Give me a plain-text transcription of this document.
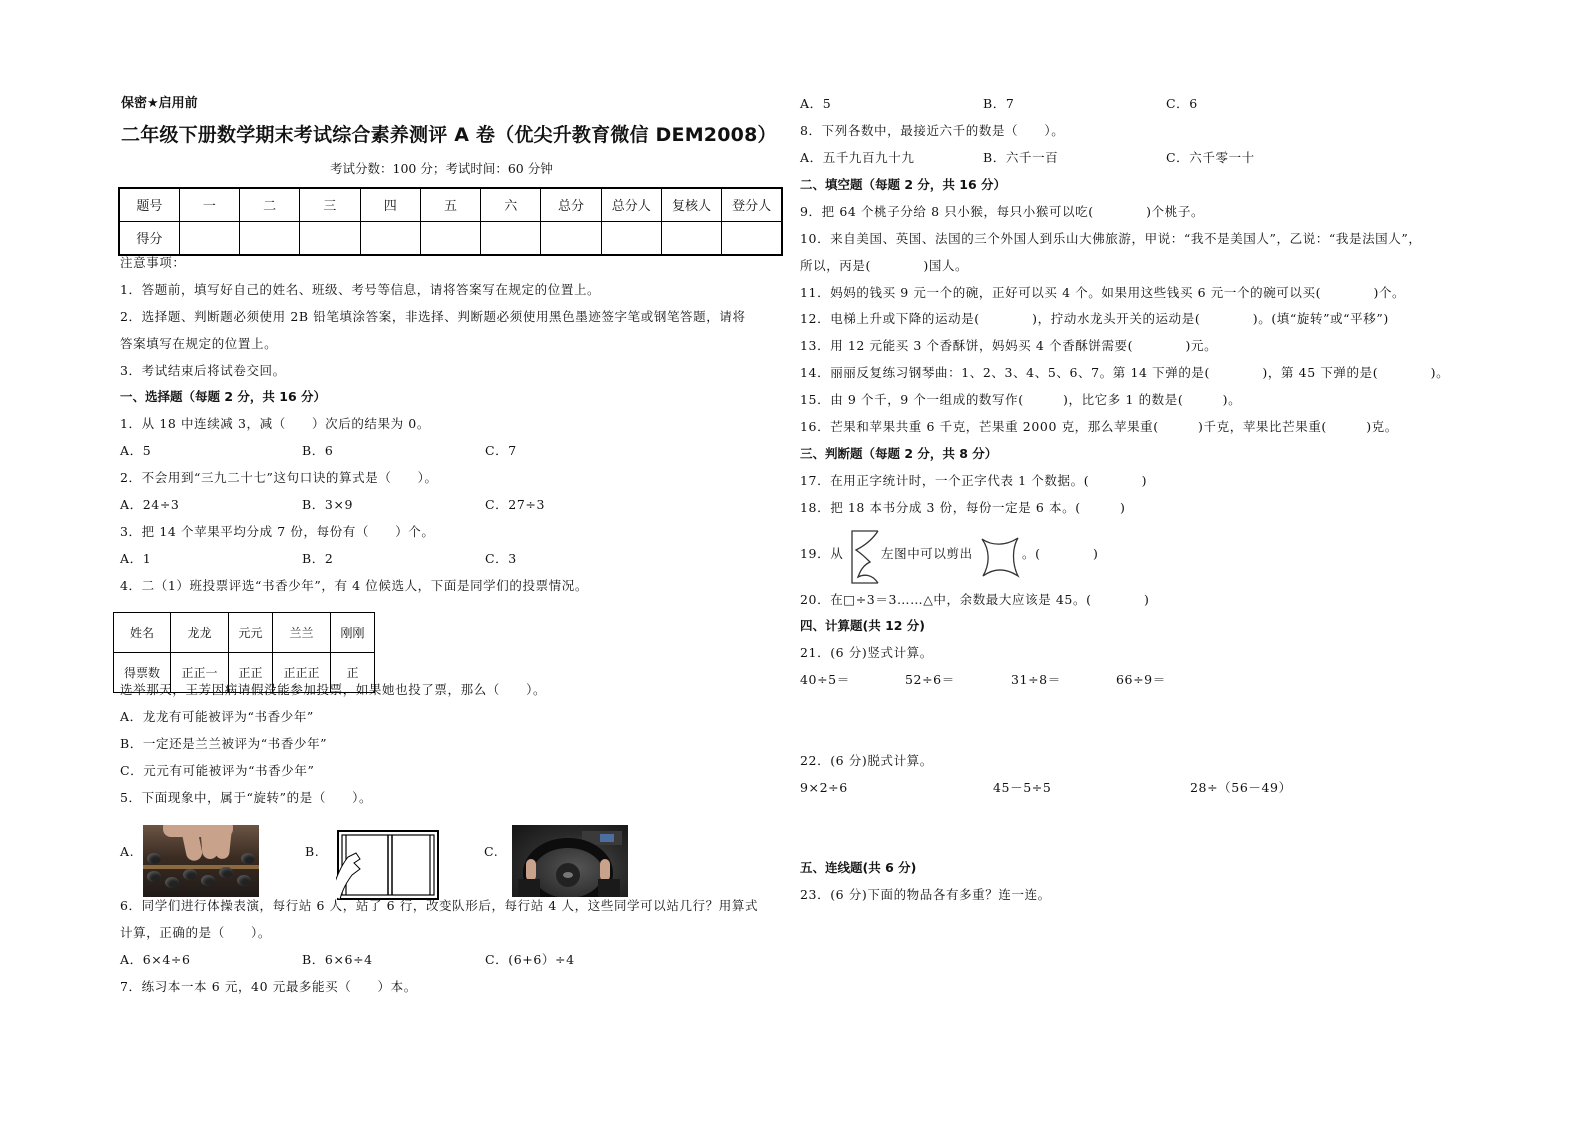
保密★启用前
二年级下册数学期末考试综合素养测评 A 卷（优尖升教育微信 DEM2008）
考试分数：100 分；考试时间：60 分钟
题号	一	二	三	四	五	六	总分	总分人	复核人	登分人
得分										
注意事项：
1．答题前，填写好自己的姓名、班级、考号等信息，请将答案写在规定的位置上。
2．选择题、判断题必须使用 2B 铅笔填涂答案，非选择、判断题必须使用黑色墨迹签字笔或钢笔答题，请将
答案填写在规定的位置上。
3．考试结束后将试卷交回。
一、选择题（每题 2 分，共 16 分）
1．从 18 中连续减 3，减（　　）次后的结果为 0。
A．5	B．6	C．7
2．不会用到“三九二十七”这句口诀的算式是（　　）。
A．24÷3	B．3×9	C．27÷3
3．把 14 个苹果平均分成 7 份，每份有（　　）个。
A．1	B．2	C．3
4．二（1）班投票评选“书香少年”，有 4 位候选人，下面是同学们的投票情况。
姓名	龙龙	元元	兰兰	刚刚
得票数	正正一	正正	正正正	正
选举那天，王芳因病请假没能参加投票，如果她也投了票，那么（　　）。
A．龙龙有可能被评为“书香少年”
B．一定还是兰兰被评为“书香少年”
C．元元有可能被评为“书香少年”
5．下面现象中，属于“旋转”的是（　　）。
A.	B.	C.
6．同学们进行体操表演，每行站 6 人，站了 6 行，改变队形后，每行站 4 人，这些同学可以站几行？用算式
计算，正确的是（　　）。
A．6×4÷6	B．6×6÷4	C．(6+6）÷4
7．练习本一本 6 元，40 元最多能买（　　）本。
A．5	B．7	C．6
8．下列各数中，最接近六千的数是（　　）。
A．五千九百九十九	B．六千一百	C．六千零一十
二、填空题（每题 2 分，共 16 分）
9．把 64 个桃子分给 8 只小猴，每只小猴可以吃(　　　　)个桃子。
10．来自美国、英国、法国的三个外国人到乐山大佛旅游，甲说：“我不是美国人”，乙说：“我是法国人”，
所以，丙是(　　　　)国人。
11．妈妈的钱买 9 元一个的碗，正好可以买 4 个。如果用这些钱买 6 元一个的碗可以买(　　　　)个。
12．电梯上升或下降的运动是(　　　　)，拧动水龙头开关的运动是(　　　　)。(填“旋转”或“平移”)
13．用 12 元能买 3 个香酥饼，妈妈买 4 个香酥饼需要(　　　　)元。
14．丽丽反复练习钢琴曲：1、2、3、4、5、6、7。第 14 下弹的是(　　　　)，第 45 下弹的是(　　　　)。
15．由 9 个千，9 个一组成的数写作(　　　)，比它多 1 的数是(　　　)。
16．芒果和苹果共重 6 千克，芒果重 2000 克，那么苹果重(　　　)千克，苹果比芒果重(　　　)克。
三、判断题（每题 2 分，共 8 分）
17．在用正字统计时，一个正字代表 1 个数据。(　　　　)
18．把 18 本书分成 3 份，每份一定是 6 本。(　　　)
19．从	左图中可以剪出	。(　　　　)
20．在□÷3＝3……△中，余数最大应该是 45。(　　　　)
四、计算题(共 12 分)
21．(6 分)竖式计算。
40÷5＝	52÷6＝	31÷8＝	66÷9＝
22．(6 分)脱式计算。
9×2÷6	45－5÷5	28÷（56－49）
五、连线题(共 6 分)
23．(6 分)下面的物品各有多重？连一连。
